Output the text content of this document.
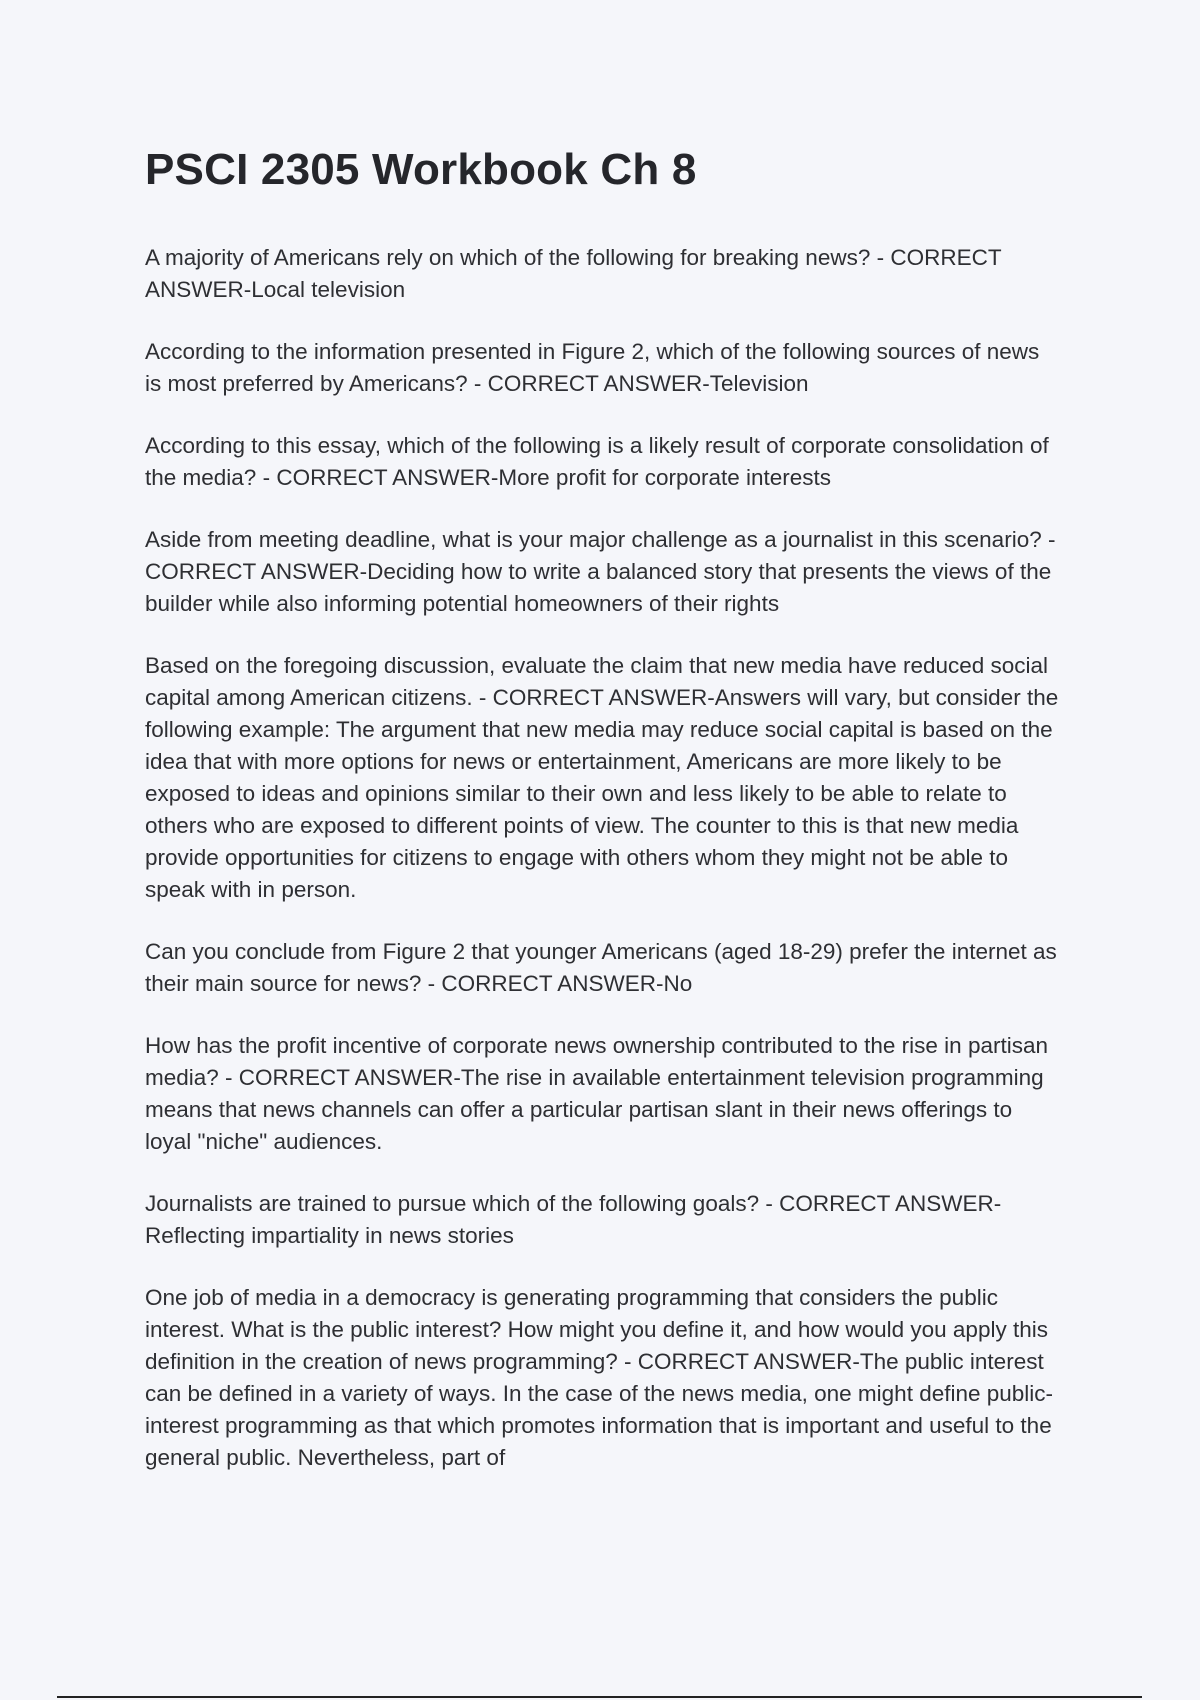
PSCI 2305 Workbook Ch 8
A majority of Americans rely on which of the following for breaking news? - CORRECT ANSWER-Local television
According to the information presented in Figure 2, which of the following sources of news is most preferred by Americans? - CORRECT ANSWER-Television
According to this essay, which of the following is a likely result of corporate consolidation of the media? - CORRECT ANSWER-More profit for corporate interests
Aside from meeting deadline, what is your major challenge as a journalist in this scenario? - CORRECT ANSWER-Deciding how to write a balanced story that presents the views of the builder while also informing potential homeowners of their rights
Based on the foregoing discussion, evaluate the claim that new media have reduced social capital among American citizens. - CORRECT ANSWER-Answers will vary, but consider the following example: The argument that new media may reduce social capital is based on the idea that with more options for news or entertainment, Americans are more likely to be exposed to ideas and opinions similar to their own and less likely to be able to relate to others who are exposed to different points of view. The counter to this is that new media provide opportunities for citizens to engage with others whom they might not be able to speak with in person.
Can you conclude from Figure 2 that younger Americans (aged 18-29) prefer the internet as their main source for news? - CORRECT ANSWER-No
How has the profit incentive of corporate news ownership contributed to the rise in partisan media? - CORRECT ANSWER-The rise in available entertainment television programming means that news channels can offer a particular partisan slant in their news offerings to loyal "niche" audiences.
Journalists are trained to pursue which of the following goals? - CORRECT ANSWER-Reflecting impartiality in news stories
One job of media in a democracy is generating programming that considers the public interest. What is the public interest? How might you define it, and how would you apply this definition in the creation of news programming? - CORRECT ANSWER-The public interest can be defined in a variety of ways. In the case of the news media, one might define public-interest programming as that which promotes information that is important and useful to the general public. Nevertheless, part of
